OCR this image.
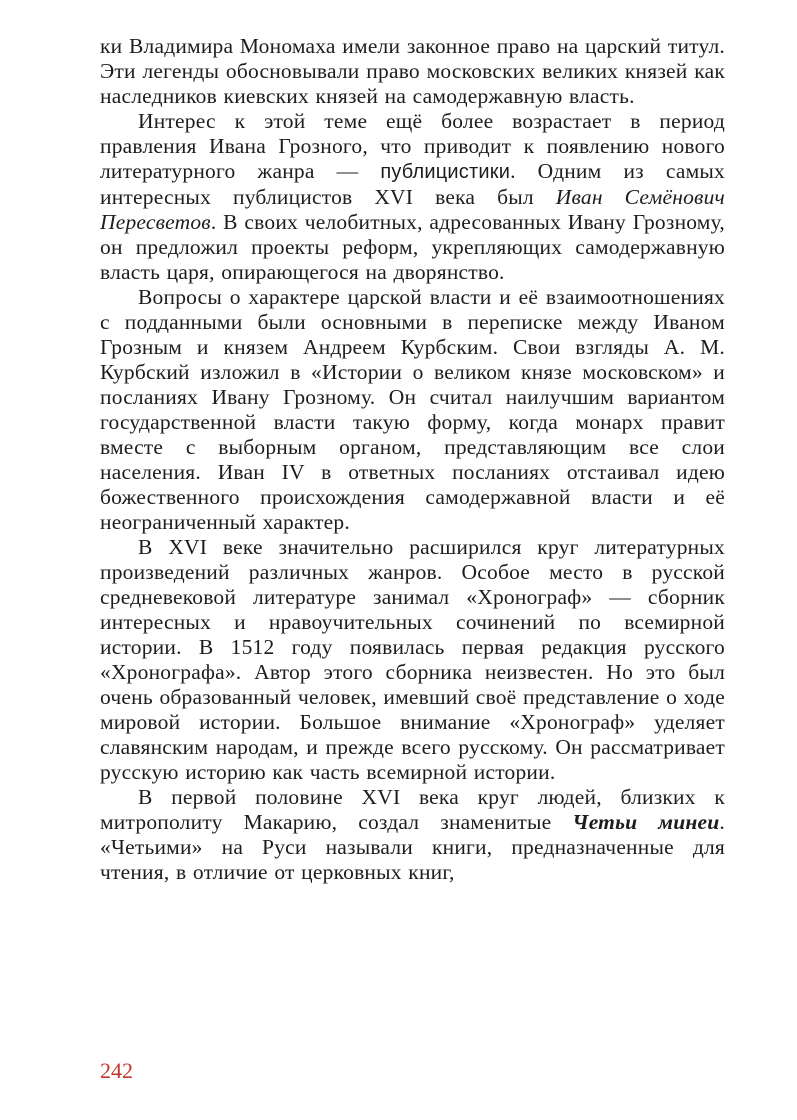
ки Владимира Мономаха имели законное право на царский титул. Эти легенды обосновывали право московских великих князей как наследников киевских князей на самодержавную власть.

Интерес к этой теме ещё более возрастает в период правления Ивана Грозного, что приводит к появлению нового литературного жанра — публицистики. Одним из самых интересных публицистов XVI века был Иван Семёнович Пересветов. В своих челобитных, адресованных Ивану Грозному, он предложил проекты реформ, укрепляющих самодержавную власть царя, опирающегося на дворянство.

Вопросы о характере царской власти и её взаимоотношениях с подданными были основными в переписке между Иваном Грозным и князем Андреем Курбским. Свои взгляды А. М. Курбский изложил в «Истории о великом князе московском» и посланиях Ивану Грозному. Он считал наилучшим вариантом государственной власти такую форму, когда монарх правит вместе с выборным органом, представляющим все слои населения. Иван IV в ответных посланиях отстаивал идею божественного происхождения самодержавной власти и её неограниченный характер.

В XVI веке значительно расширился круг литературных произведений различных жанров. Особое место в русской средневековой литературе занимал «Хронограф» — сборник интересных и нравоучительных сочинений по всемирной истории. В 1512 году появилась первая редакция русского «Хронографа». Автор этого сборника неизвестен. Но это был очень образованный человек, имевший своё представление о ходе мировой истории. Большое внимание «Хронограф» уделяет славянским народам, и прежде всего русскому. Он рассматривает русскую историю как часть всемирной истории.

В первой половине XVI века круг людей, близких к митрополиту Макарию, создал знаменитые Четьи минеи. «Четьими» на Руси называли книги, предназначенные для чтения, в отличие от церковных книг,

242
